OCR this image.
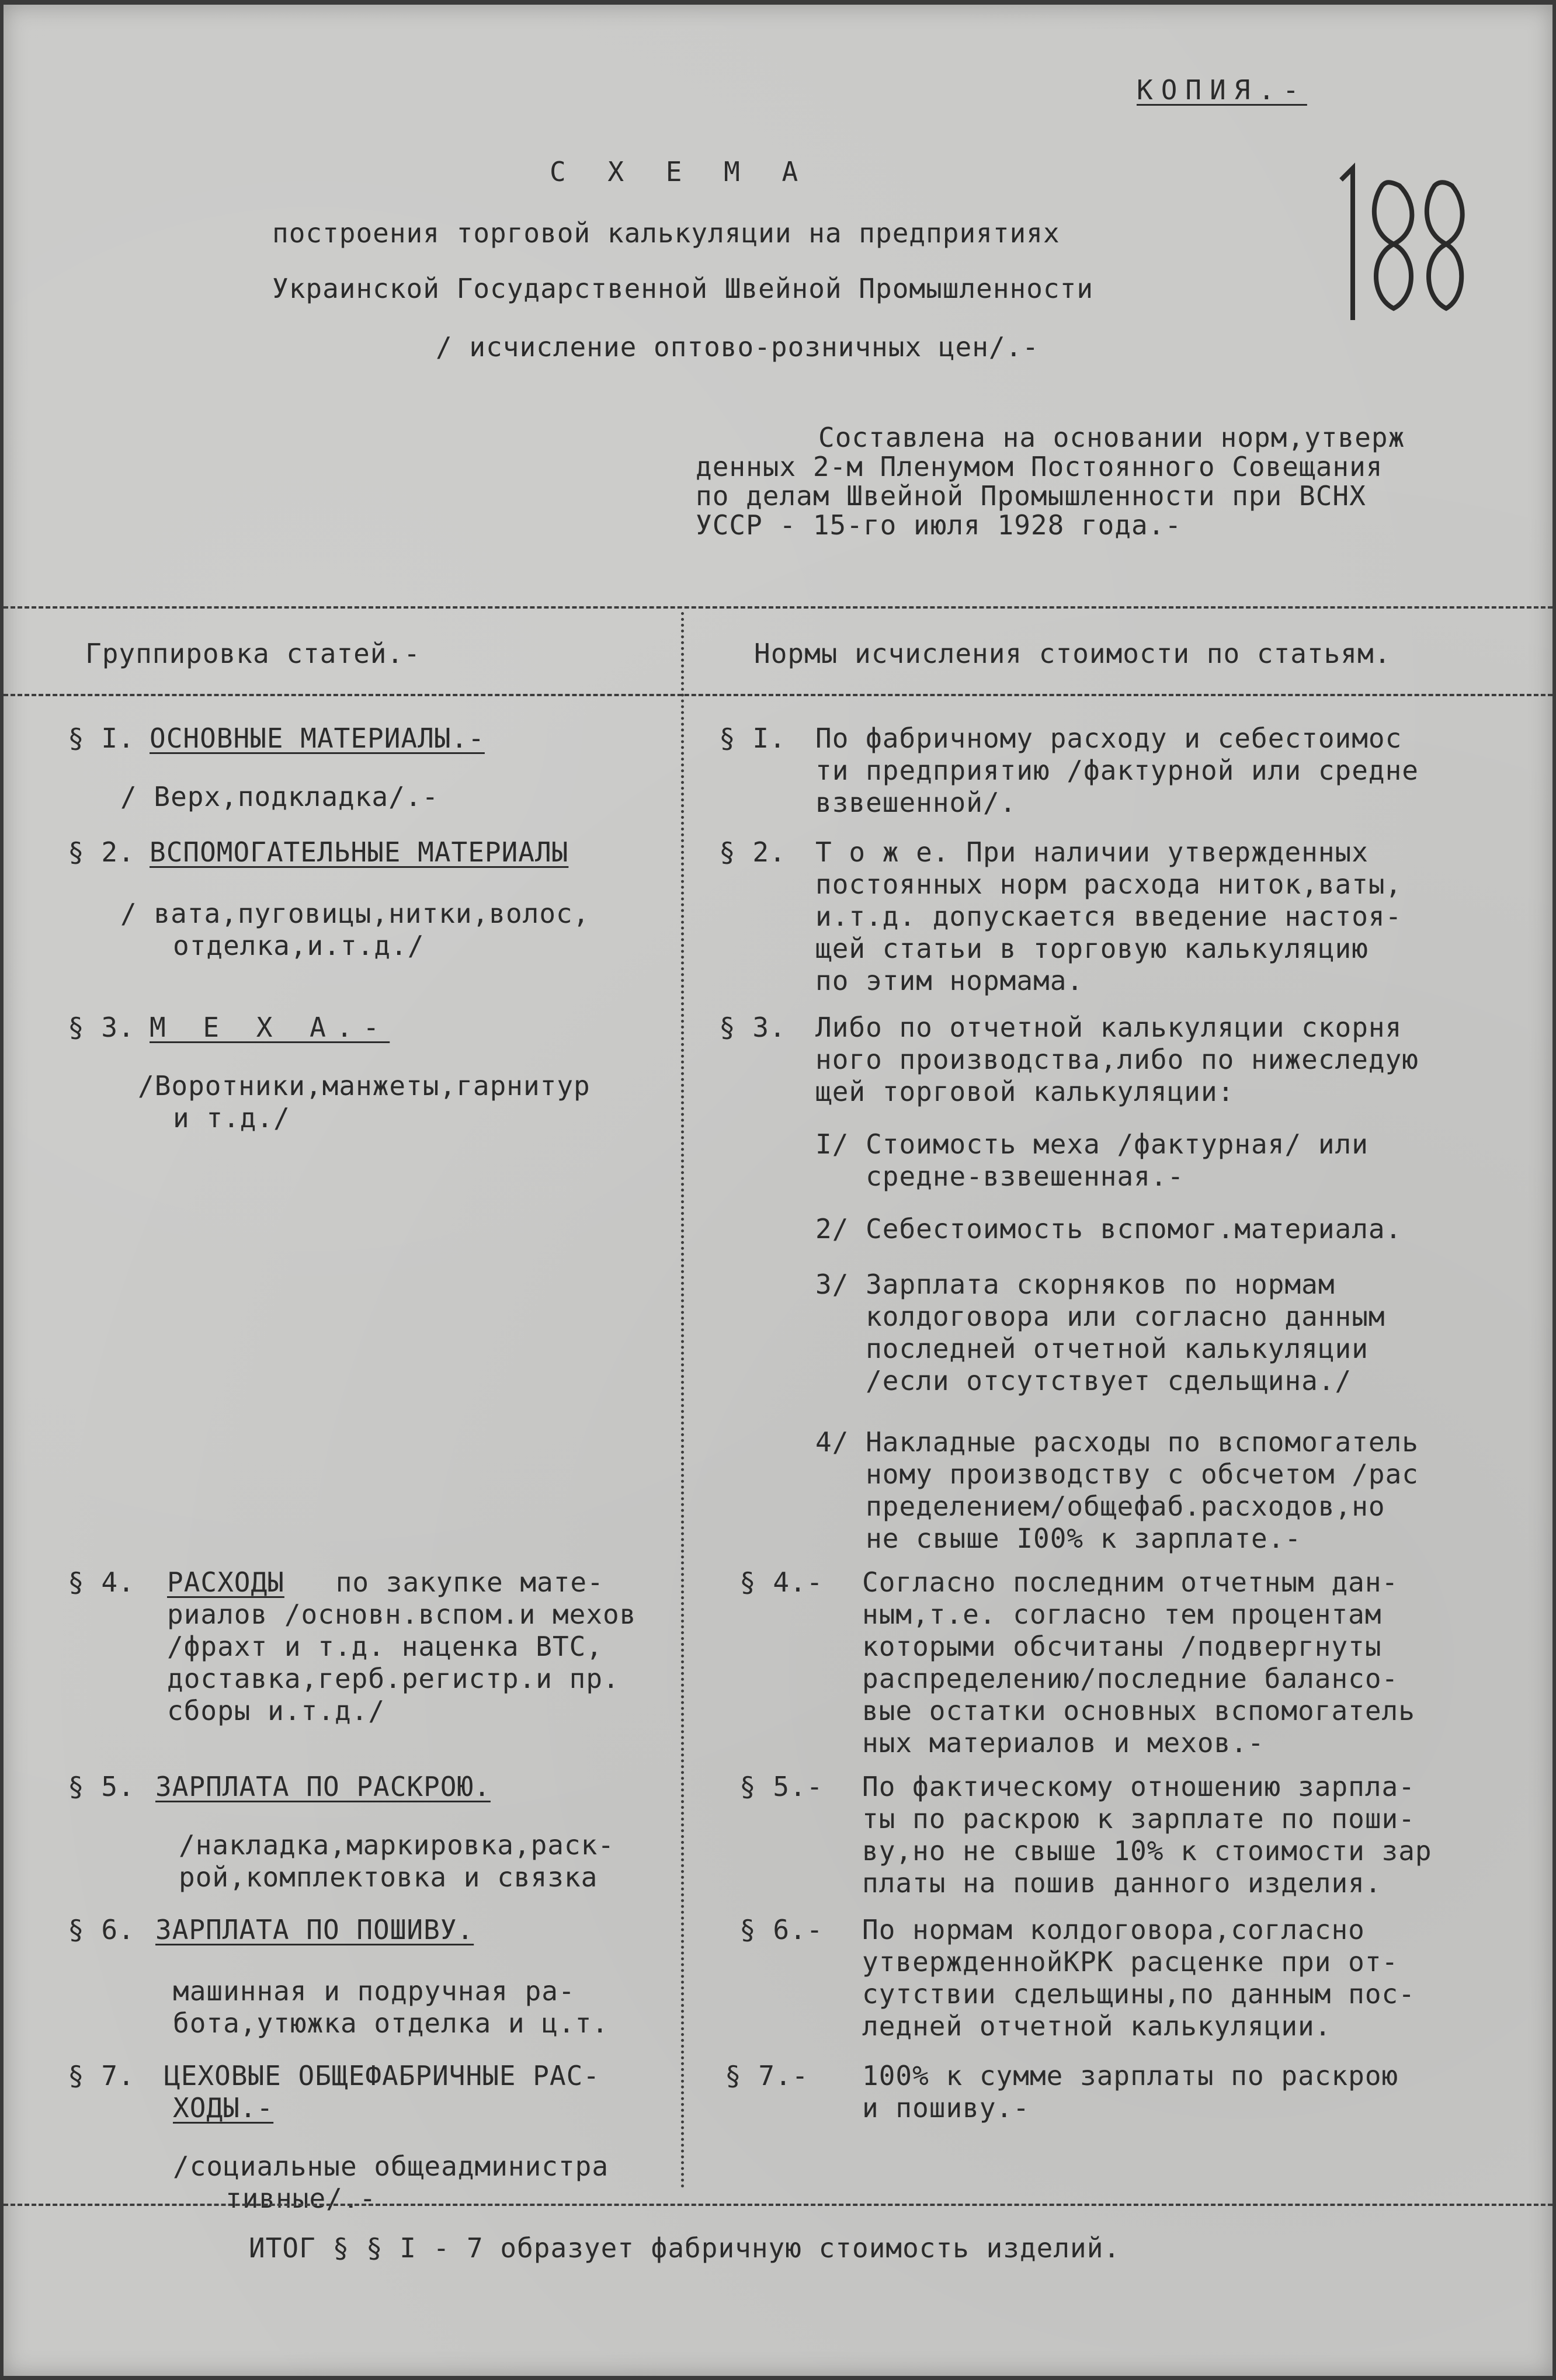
КОПИЯ.-
С Х Е М А
построения торговой калькуляции на предприятиях
Украинской Государственной Швейной Промышленности
/ исчисление оптово-розничных цен/.-
Составлена на основании норм,утверж
денных 2-м Пленумом Постоянного Совещания
по делам Швейной Промышленности при ВСНХ
УССР - 15-го июля 1928 года.-
Группировка статей.-	Нормы исчисления стоимости по статьям.
§ I. ОСНОВНЫЕ МАТЕРИАЛЫ.-
/ Верх,подкладка/.-
§ I. По фабричному расходу и себестоимос
ти предприятию /фактурной или средне
взвешенной/.
§ 2. ВСПОМОГАТЕЛЬНЫЕ МАТЕРИАЛЫ
/ вата,пуговицы,нитки,волос,
отделка,и.т.д./
§ 2. Т о ж е. При наличии утвержденных
постоянных норм расхода ниток,ваты,
и.т.д. допускается введение настоя-
щей статьи в торговую калькуляцию
по этим нормама.
§ 3. М Е Х А.-
/Воротники,манжеты,гарнитур
и т.д./
§ 3. Либо по отчетной калькуляции скорня
ного производства,либо по нижеследую
щей торговой калькуляции:
I/ Стоимость меха /фактурная/ или
средне-взвешенная.-
2/ Себестоимость вспомог.материала.
3/ Зарплата скорняков по нормам
колдоговора или согласно данным
последней отчетной калькуляции
/если отсутствует сдельщина./
4/ Накладные расходы по вспомогатель
ному производству с обсчетом /рас
пределением/общефаб.расходов,но
не свыше I00% к зарплате.-
§ 4. РАСХОДЫ по закупке мате-
риалов /основн.вспом.и мехов
/фрахт и т.д. наценка ВТС,
доставка,герб.регистр.и пр.
сборы и.т.д./
§ 4.- Согласно последним отчетным дан-
ным,т.е. согласно тем процентам
которыми обсчитаны /подвергнуты
распределению/последние балансо-
вые остатки основных вспомогатель
ных материалов и мехов.-
§ 5. ЗАРПЛАТА ПО РАСКРОЮ.
/накладка,маркировка,раск-
рой,комплектовка и связка
§ 5.- По фактическому отношению зарпла-
ты по раскрою к зарплате по поши-
ву,но не свыше 10% к стоимости зар
платы на пошив данного изделия.
§ 6. ЗАРПЛАТА ПО ПОШИВУ.
машинная и подручная ра-
бота,утюжка отделка и ц.т.
§ 6.- По нормам колдоговора,согласно
утвержденнойКРК расценке при от-
сутствии сдельщины,по данным пос-
ледней отчетной калькуляции.
§ 7. ЦЕХОВЫЕ ОБЩЕФАБРИЧНЫЕ РАС-
ХОДЫ.-
/социальные общеадминистра
тивные/.-
§ 7.- 100% к сумме зарплаты по раскрою
и пошиву.-
ИТОГ § § I - 7 образует фабричную стоимость изделий.
